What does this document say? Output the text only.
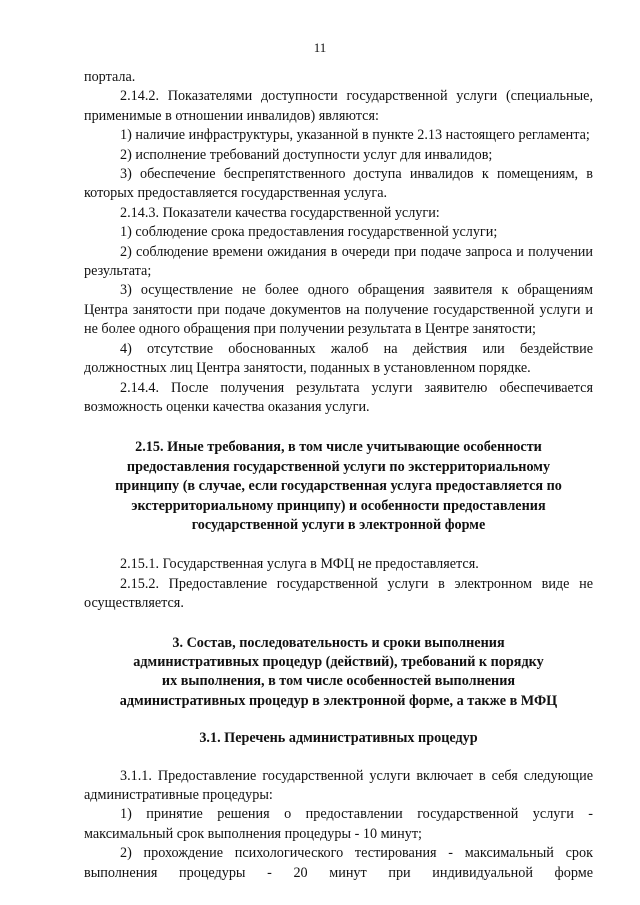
11

портала.

2.14.2. Показателями доступности государственной услуги (специальные, применимые в отношении инвалидов) являются:

1) наличие инфраструктуры, указанной в пункте 2.13 настоящего регламента;

2) исполнение требований доступности услуг для инвалидов;

3) обеспечение беспрепятственного доступа инвалидов к помещениям, в которых предоставляется государственная услуга.

2.14.3. Показатели качества государственной услуги:

1) соблюдение срока предоставления государственной услуги;

2) соблюдение времени ожидания в очереди при подаче запроса и получении результата;

3) осуществление не более одного обращения заявителя к обращениям Центра занятости при подаче документов на получение государственной услуги и не более одного обращения при получении результата в Центре занятости;

4) отсутствие обоснованных жалоб на действия или бездействие должностных лиц Центра занятости, поданных в установленном порядке.

2.14.4. После получения результата услуги заявителю обеспечивается возможность оценки качества оказания услуги.

2.15. Иные требования, в том числе учитывающие особенности

предоставления государственной услуги по экстерриториальному

принципу (в случае, если государственная услуга предоставляется по

экстерриториальному принципу) и особенности предоставления

государственной услуги в электронной форме

2.15.1. Государственная услуга в МФЦ не предоставляется.

2.15.2. Предоставление государственной услуги в электронном виде не осуществляется.

3. Состав, последовательность и сроки выполнения

административных процедур (действий), требований к порядку

их выполнения, в том числе особенностей выполнения

административных процедур в электронной форме, а также в МФЦ

3.1. Перечень административных процедур

3.1.1. Предоставление государственной услуги включает в себя следующие административные процедуры:

1) принятие решения о предоставлении государственной услуги - максимальный срок выполнения процедуры - 10 минут;

2) прохождение психологического тестирования - максимальный срок выполнения процедуры - 20 минут при индивидуальной форме
